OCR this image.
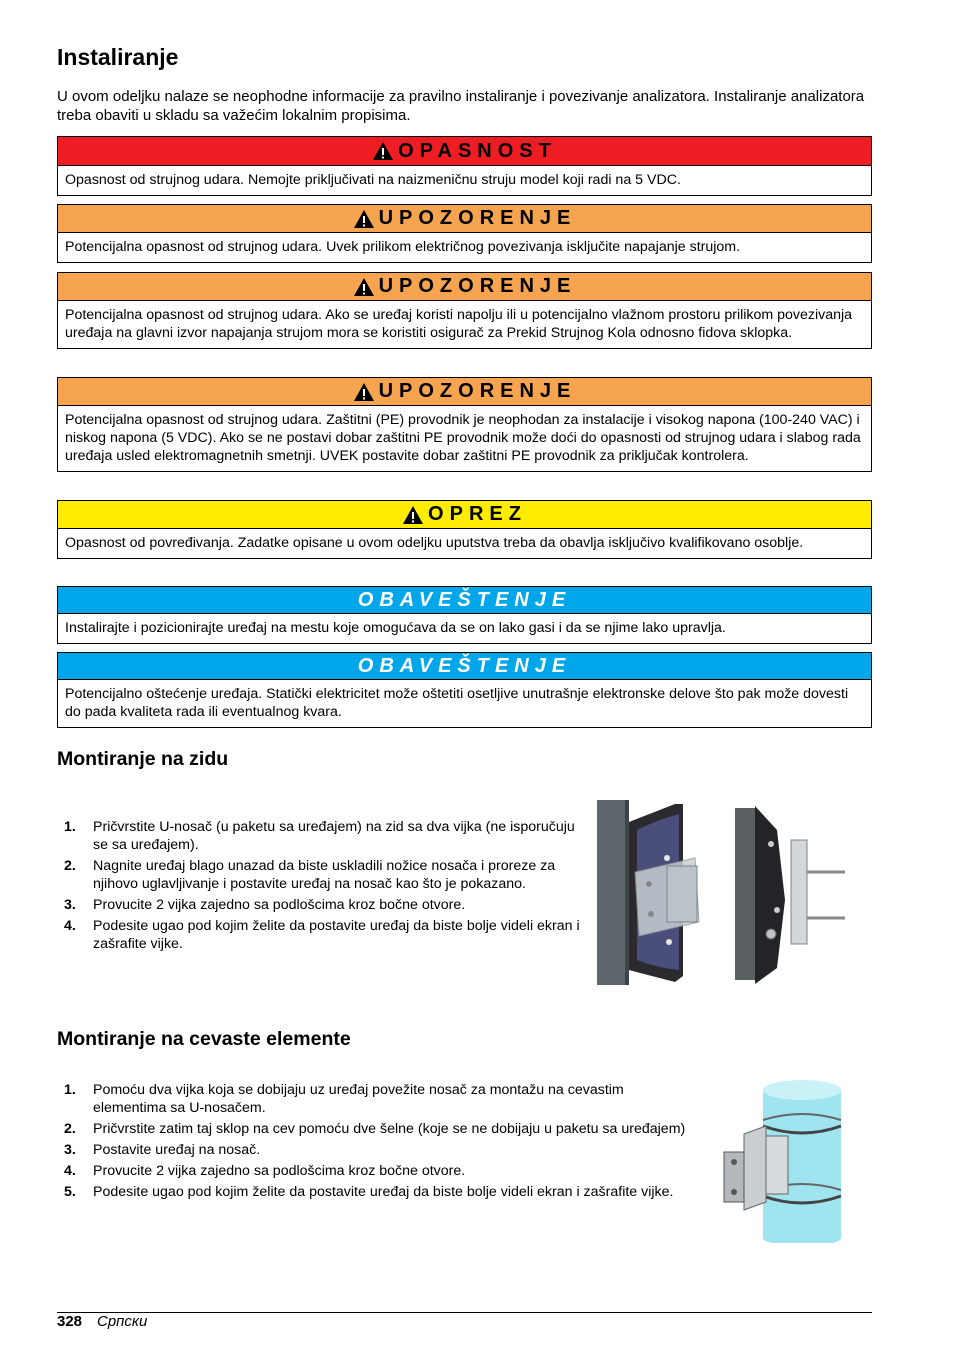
Instaliranje

U ovom odeljku nalaze se neophodne informacije za pravilno instaliranje i povezivanje analizatora. Instaliranje analizatora treba obaviti u skladu sa važećim lokalnim propisima.

OPASNOST
Opasnost od strujnog udara. Nemojte priključivati na naizmeničnu struju model koji radi na 5 VDC.
UPOZORENJE
Potencijalna opasnost od strujnog udara. Uvek prilikom električnog povezivanja isključite napajanje strujom.
UPOZORENJE
Potencijalna opasnost od strujnog udara. Ako se uređaj koristi napolju ili u potencijalno vlažnom prostoru prilikom povezivanja uređaja na glavni izvor napajanja strujom mora se koristiti osigurač za Prekid Strujnog Kola odnosno fidova sklopka.
UPOZORENJE
Potencijalna opasnost od strujnog udara. Zaštitni (PE) provodnik je neophodan za instalacije i visokog napona (100-240 VAC) i niskog napona (5 VDC). Ako se ne postavi dobar zaštitni PE provodnik može doći do opasnosti od strujnog udara i slabog rada uređaja usled elektromagnetnih smetnji. UVEK postavite dobar zaštitni PE provodnik za priključak kontrolera.
OPREZ
Opasnost od povređivanja. Zadatke opisane u ovom odeljku uputstva treba da obavlja isključivo kvalifikovano osoblje.
OBAVEŠTENJE
Instalirajte i pozicionirajte uređaj na mestu koje omogućava da se on lako gasi i da se njime lako upravlja.
OBAVEŠTENJE
Potencijalno oštećenje uređaja. Statički elektricitet može oštetiti osetljive unutrašnje elektronske delove što pak može dovesti do pada kvaliteta rada ili eventualnog kvara.
Montiranje na zidu
1. Pričvrstite U-nosač (u paketu sa uređajem) na zid sa dva vijka (ne isporučuju se sa uređajem).
2. Nagnite uređaj blago unazad da biste uskladili nožice nosača i proreze za njihovo uglavljivanje i postavite uređaj na nosač kao što je pokazano.
3. Provucite 2 vijka zajedno sa podlošcima kroz bočne otvore.
4. Podesite ugao pod kojim želite da postavite uređaj da biste bolje videli ekran i zašrafite vijke.
Montiranje na cevaste elemente
1. Pomoću dva vijka koja se dobijaju uz uređaj povežite nosač za montažu na cevastim elementima sa U-nosačem.
2. Pričvrstite zatim taj sklop na cev pomoću dve šelne (koje se ne dobijaju u paketu sa uređajem)
3. Postavite uređaj na nosač.
4. Provucite 2 vijka zajedno sa podlošcima kroz bočne otvore.
5. Podesite ugao pod kojim želite da postavite uređaj da biste bolje videli ekran i zašrafite vijke.
328 Српски
